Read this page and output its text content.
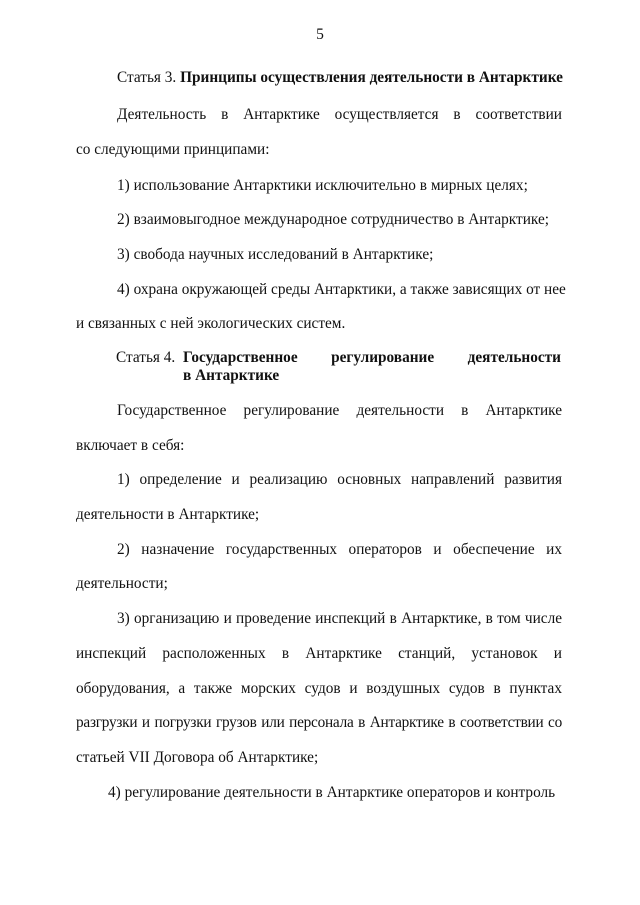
5
Статья 3. Принципы осуществления деятельности в Антарктике
Деятельность в Антарктике осуществляется в соответствии
со следующими принципами:
1) использование Антарктики исключительно в мирных целях;
2) взаимовыгодное международное сотрудничество в Антарктике;
3) свобода научных исследований в Антарктике;
4) охрана окружающей среды Антарктики, а также зависящих от нее
и связанных с ней экологических систем.
Статья 4. Государственное регулирование деятельности
в Антарктике
Государственное регулирование деятельности в Антарктике
включает в себя:
1) определение и реализацию основных направлений развития
деятельности в Антарктике;
2) назначение государственных операторов и обеспечение их
деятельности;
3) организацию и проведение инспекций в Антарктике, в том числе
инспекций расположенных в Антарктике станций, установок и
оборудования, а также морских судов и воздушных судов в пунктах
разгрузки и погрузки грузов или персонала в Антарктике в соответствии со
статьей VII Договора об Антарктике;
4) регулирование деятельности в Антарктике операторов и контроль
